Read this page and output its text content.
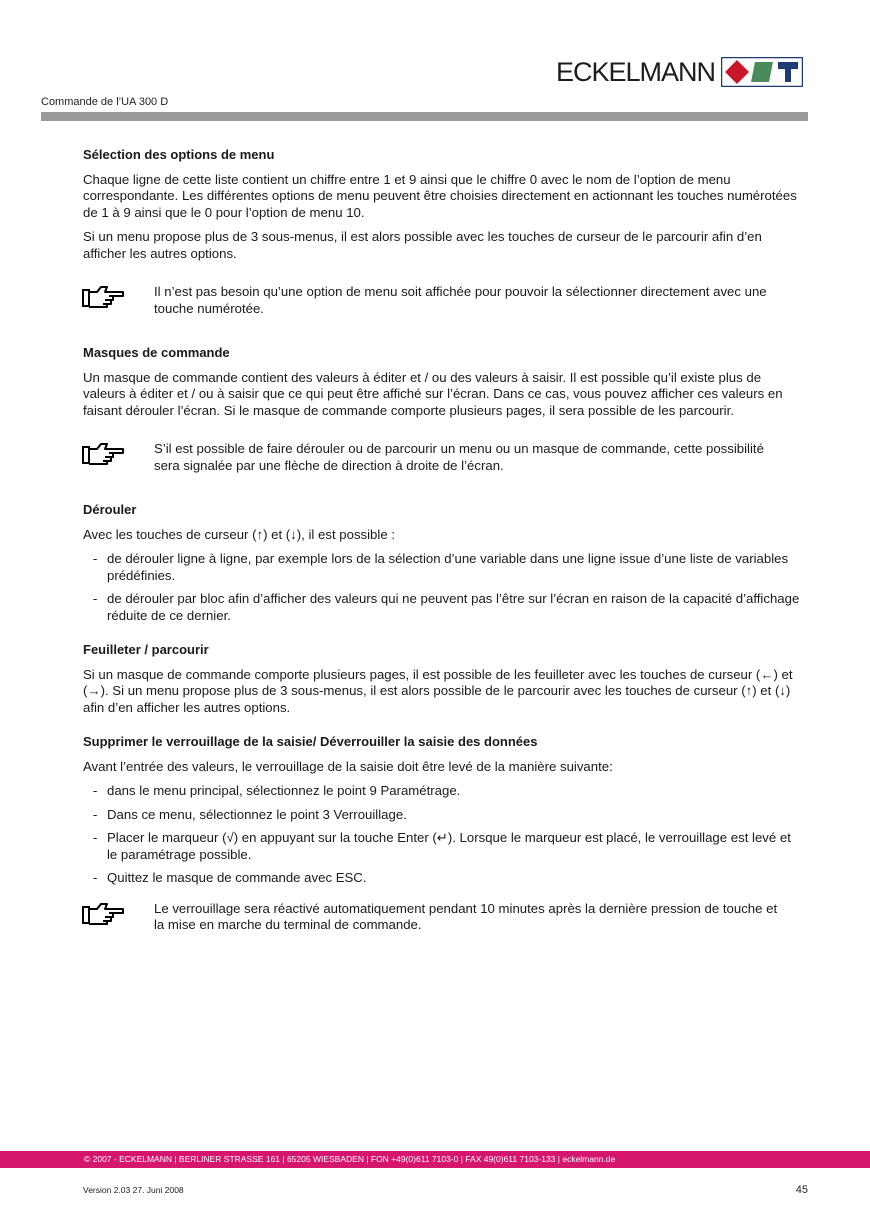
ECKELMANN
Commande de l’UA 300 D
Sélection des options de menu

Chaque ligne de cette liste contient un chiffre entre 1 et 9 ainsi que le chiffre 0 avec le nom de l’option de menu correspondante. Les différentes options de menu peuvent être choisies directement en actionnant les touches numérotées de 1 à 9 ainsi que le 0 pour l’option de menu 10.

Si un menu propose plus de 3 sous-menus, il est alors possible avec les touches de curseur de le parcourir afin d’en afficher les autres options.

Il n’est pas besoin qu’une option de menu soit affichée pour pouvoir la sélectionner directement avec une touche numérotée.
Masques de commande

Un masque de commande contient des valeurs à éditer et / ou des valeurs à saisir. Il est possible qu’il existe plus de valeurs à éditer et / ou à saisir que ce qui peut être affiché sur l’écran. Dans ce cas, vous pouvez afficher ces valeurs en faisant dérouler l’écran. Si le masque de commande comporte plusieurs pages, il sera possible de les parcourir.

S’il est possible de faire dérouler ou de parcourir un menu ou un masque de commande, cette possibilité sera signalée par une flèche de direction à droite de l’écran.
Dérouler

Avec les touches de curseur (↑) et (↓), il est possible :

- de dérouler ligne à ligne, par exemple lors de la sélection d’une variable dans une ligne issue d’une liste de variables prédéfinies.
- de dérouler par bloc afin d’afficher des valeurs qui ne peuvent pas l’être sur l’écran en raison de la capacité d’affichage réduite de ce dernier.
Feuilleter / parcourir

Si un masque de commande comporte plusieurs pages, il est possible de les feuilleter avec les touches de curseur (←) et (→). Si un menu propose plus de 3 sous-menus, il est alors possible de le parcourir avec les touches de curseur (↑) et (↓) afin d’en afficher les autres options.

Supprimer le verrouillage de la saisie/ Déverrouiller la saisie des données

Avant l’entrée des valeurs, le verrouillage de la saisie doit être levé de la manière suivante:

- dans le menu principal, sélectionnez le point 9 Paramétrage.
- Dans ce menu, sélectionnez le point 3 Verrouillage.
- Placer le marqueur (√) en appuyant sur la touche Enter (↵). Lorsque le marqueur est placé, le verrouillage est levé et le paramétrage possible.
- Quittez le masque de commande avec ESC.
Le verrouillage sera réactivé automatiquement pendant 10 minutes après la dernière pression de touche et la mise en marche du terminal de commande.
© 2007 - ECKELMANN | BERLINER STRASSE 161 | 65205 WIESBADEN | FON +49(0)611 7103-0 | FAX 49(0)611 7103-133 | eckelmann.de
Version 2.03 27. Juni 2008	45
